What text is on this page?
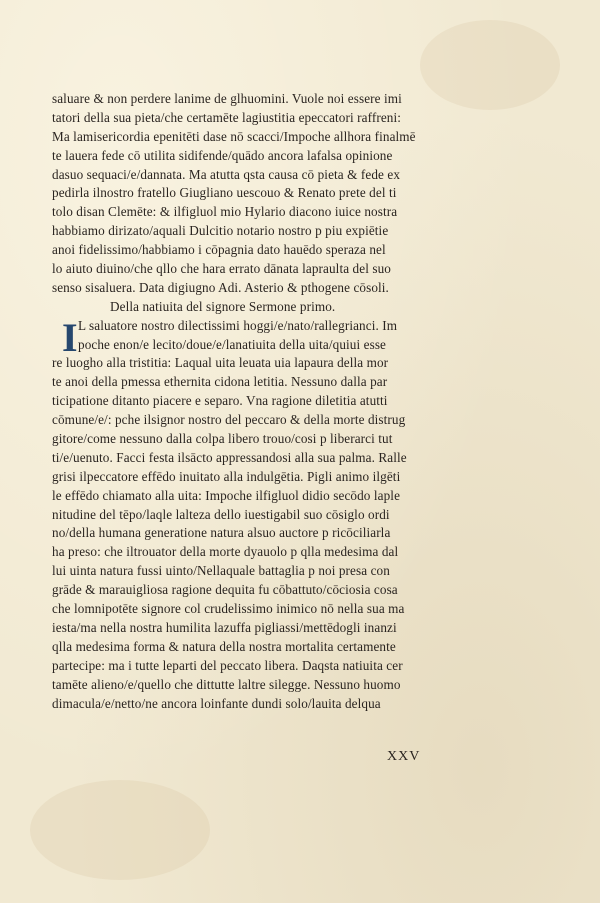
saluare & non perdere lanime de glhuomini. Vuole noi essere imi
tatori della sua pieta/che certamēte lagiustitia epeccatori raffreni:
Ma lamisericordia epenitēti dase nō scacci/Impoche allhora finalmē
te lauera fede cō utilita sidifende/quādo ancora lafalsa opinione
dasuo sequaci/e/dannata. Ma atutta qsta causa cō pieta & fede ex
pedirla ilnostro fratello Giugliano uescouo & Renato prete del ti
tolo disan Clemēte: & ilfigluol mio Hylario diacono iuice nostra
habbiamo dirizato/aquali Dulcitio notario nostro p piu expiētie
anoi fidelissimo/habbiamo i cōpagnia dato hauēdo speraza nel
lo aiuto diuino/che qllo che hara errato dānata lapraulta del suo
senso sisaluera. Data digiugno Adi. Asterio & pthogene cōsoli.
Della natiuita del signore Sermone primo.
L saluatore nostro dilectissimi hoggi/e/nato/rallegrianci. Im
poche enon/e lecito/doue/e/lanatiuita della uita/quiui esse
re luogho alla tristitia: Laqual uita leuata uia lapaura della mor
te anoi della pmessa ethernita cidona letitia. Nessuno dalla par
ticipatione ditanto piacere e separo. Vna ragione diletitia atutti
cōmune/e/: pche ilsignor nostro del peccaro & della morte distrug
gitore/come nessuno dalla colpa libero trouo/cosi p liberarci tut
ti/e/uenuto. Facci festa ilsācto appressandosi alla sua palma. Ralle
grisi ilpeccatore effēdo inuitato alla indulgētia. Pigli animo ilgēti
le effēdo chiamato alla uita: Impoche ilfigluol didio secōdo laple
nitudine del tēpo/laqle lalteza dello iuestigabil suo cōsiglo ordi
no/della humana generatione natura alsuo auctore p ricōciliarla
ha preso: che iltrouator della morte dyauolo p qlla medesima dal
lui uinta natura fussi uinto/Nellaquale battaglia p noi presa con
grāde & marauigliosa ragione dequita fu cōbattuto/cōciosia cosa
che lomnipotēte signore col crudelissimo inimico nō nella sua ma
iesta/ma nella nostra humilita lazuffa pigliassi/mettēdogli inanzi
qlla medesima forma & natura della nostra mortalita certamente
partecipe: ma i tutte leparti del peccato libera. Daqsta natiuita cer
tamēte alieno/e/quello che dittutte laltre silegge. Nessuno huomo
dimacula/e/netto/ne ancora loinfante dundi solo/lauita delqua
I
XXV
